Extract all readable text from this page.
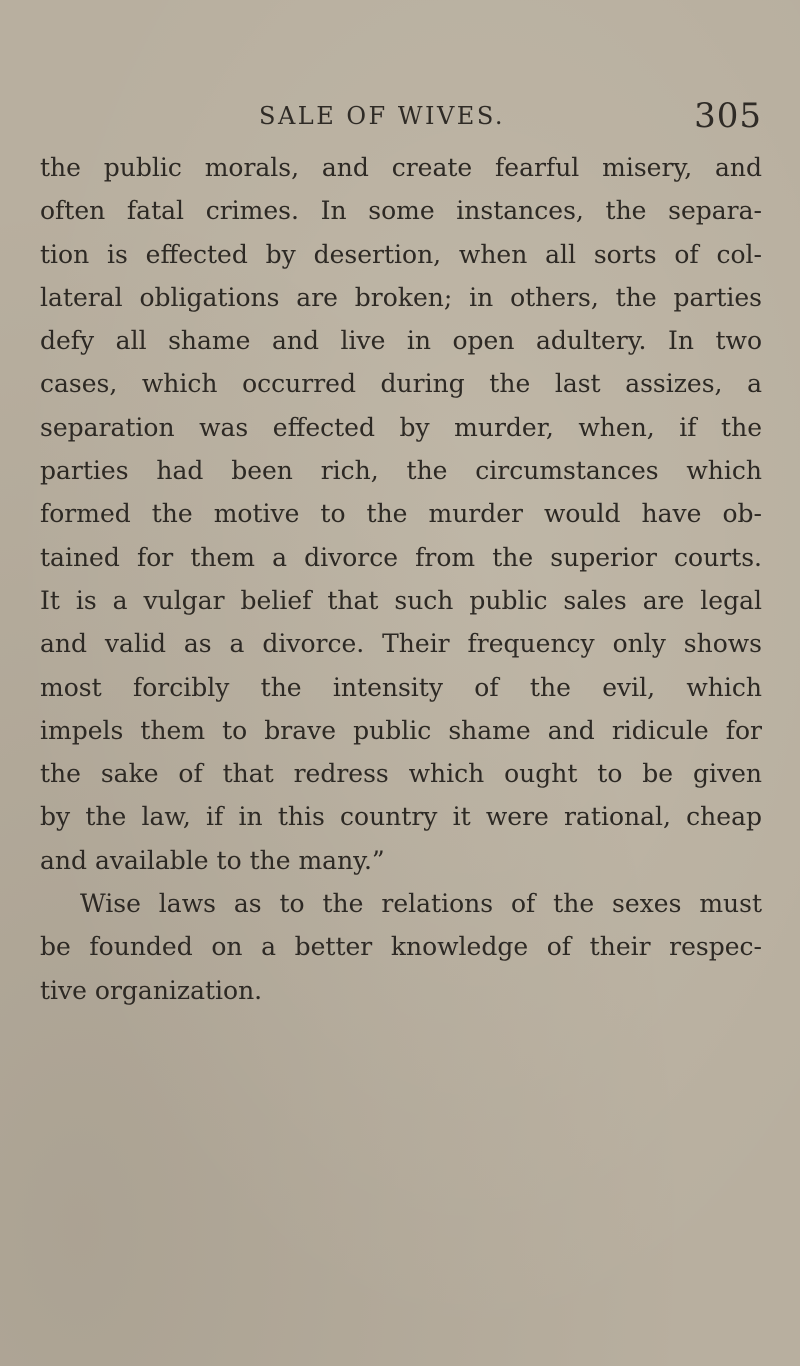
SALE OF WIVES.	305
the public morals, and create fearful misery, and
often fatal crimes. In some instances, the separa-
tion is effected by desertion, when all sorts of col-
lateral obligations are broken; in others, the parties
defy all shame and live in open adultery. In two
cases, which occurred during the last assizes, a
separation was effected by murder, when, if the
parties had been rich, the circumstances which
formed the motive to the murder would have ob-
tained for them a divorce from the superior courts.
It is a vulgar belief that such public sales are legal
and valid as a divorce. Their frequency only shows
most forcibly the intensity of the evil, which
impels them to brave public shame and ridicule for
the sake of that redress which ought to be given
by the law, if in this country it were rational, cheap
and available to the many.”
Wise laws as to the relations of the sexes must
be founded on a better knowledge of their respec-
tive organization.
